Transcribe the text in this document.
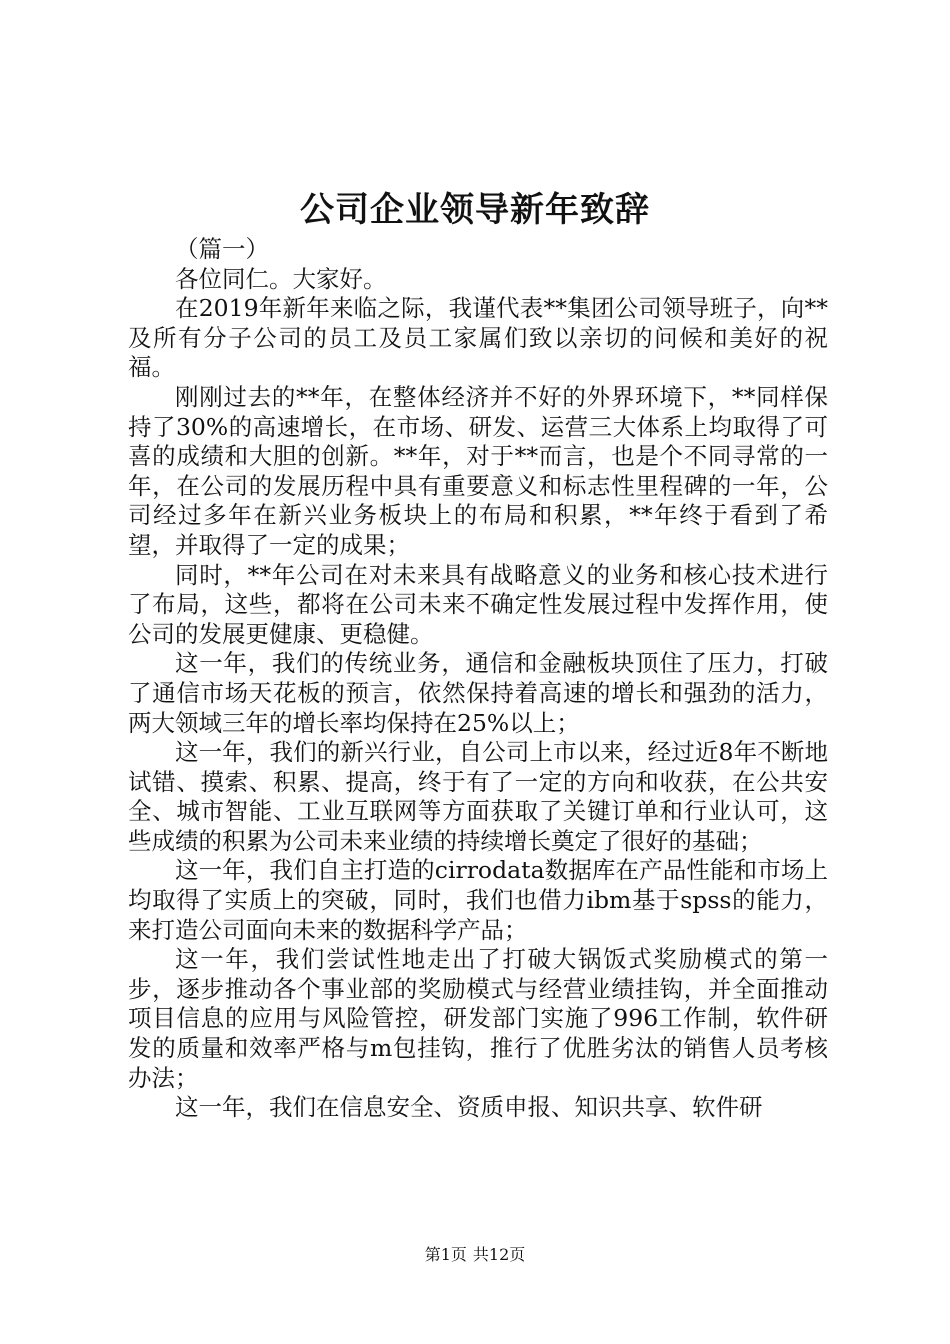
公司企业领导新年致辞

（篇一）

各位同仁。大家好。

在2019年新年来临之际，我谨代表**集团公司领导班子，向**及所有分子公司的员工及员工家属们致以亲切的问候和美好的祝福。

刚刚过去的**年，在整体经济并不好的外界环境下，**同样保持了30%的高速增长，在市场、研发、运营三大体系上均取得了可喜的成绩和大胆的创新。**年，对于**而言，也是个不同寻常的一年，在公司的发展历程中具有重要意义和标志性里程碑的一年，公司经过多年在新兴业务板块上的布局和积累，**年终于看到了希望，并取得了一定的成果；

同时，**年公司在对未来具有战略意义的业务和核心技术进行了布局，这些，都将在公司未来不确定性发展过程中发挥作用，使公司的发展更健康、更稳健。

这一年，我们的传统业务，通信和金融板块顶住了压力，打破了通信市场天花板的预言，依然保持着高速的增长和强劲的活力，两大领域三年的增长率均保持在25%以上；

这一年，我们的新兴行业，自公司上市以来，经过近8年不断地试错、摸索、积累、提高，终于有了一定的方向和收获，在公共安全、城市智能、工业互联网等方面获取了关键订单和行业认可，这些成绩的积累为公司未来业绩的持续增长奠定了很好的基础；

这一年，我们自主打造的cirrodata数据库在产品性能和市场上均取得了实质上的突破，同时，我们也借力ibm基于spss的能力，来打造公司面向未来的数据科学产品；

这一年，我们尝试性地走出了打破大锅饭式奖励模式的第一步，逐步推动各个事业部的奖励模式与经营业绩挂钩，并全面推动项目信息的应用与风险管控，研发部门实施了996工作制，软件研发的质量和效率严格与m包挂钩，推行了优胜劣汰的销售人员考核办法；

这一年，我们在信息安全、资质申报、知识共享、软件研

第1页 共12页
